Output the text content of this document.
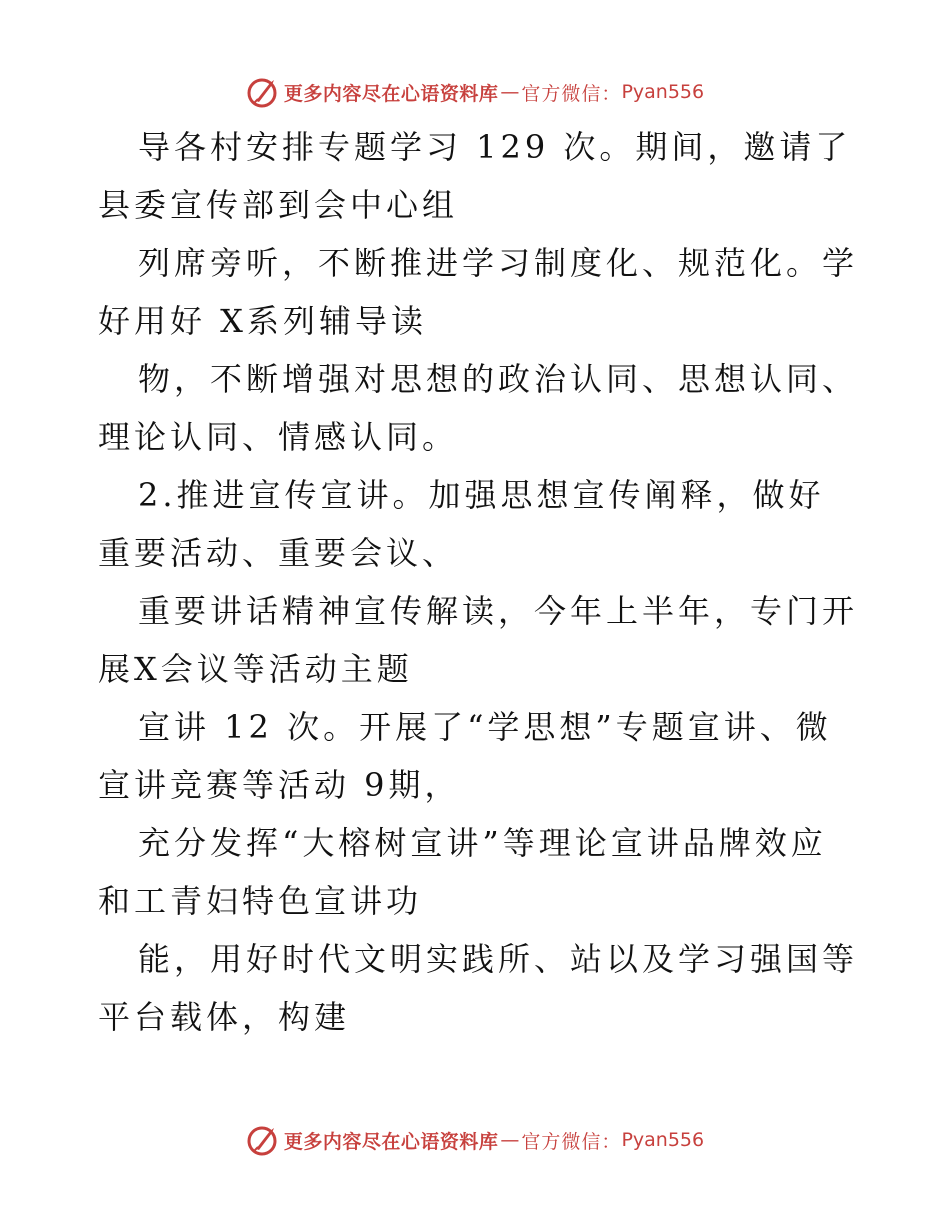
更多内容尽在心语资料库 — 官方微信： Pyan556

导各村安排专题学习 129 次。期间，邀请了县委宣传部到会中心组

列席旁听，不断推进学习制度化、规范化。学好用好 X系列辅导读

物，不断增强对思想的政治认同、思想认同、理论认同、情感认同。

2.推进宣传宣讲。加强思想宣传阐释，做好重要活动、重要会议、

重要讲话精神宣传解读，今年上半年，专门开展X会议等活动主题

宣讲 12 次。开展了“学思想”专题宣讲、微宣讲竞赛等活动 9期，

充分发挥“大榕树宣讲”等理论宣讲品牌效应和工青妇特色宣讲功

能，用好时代文明实践所、站以及学习强国等平台载体，构建

更多内容尽在心语资料库 — 官方微信： Pyan556
